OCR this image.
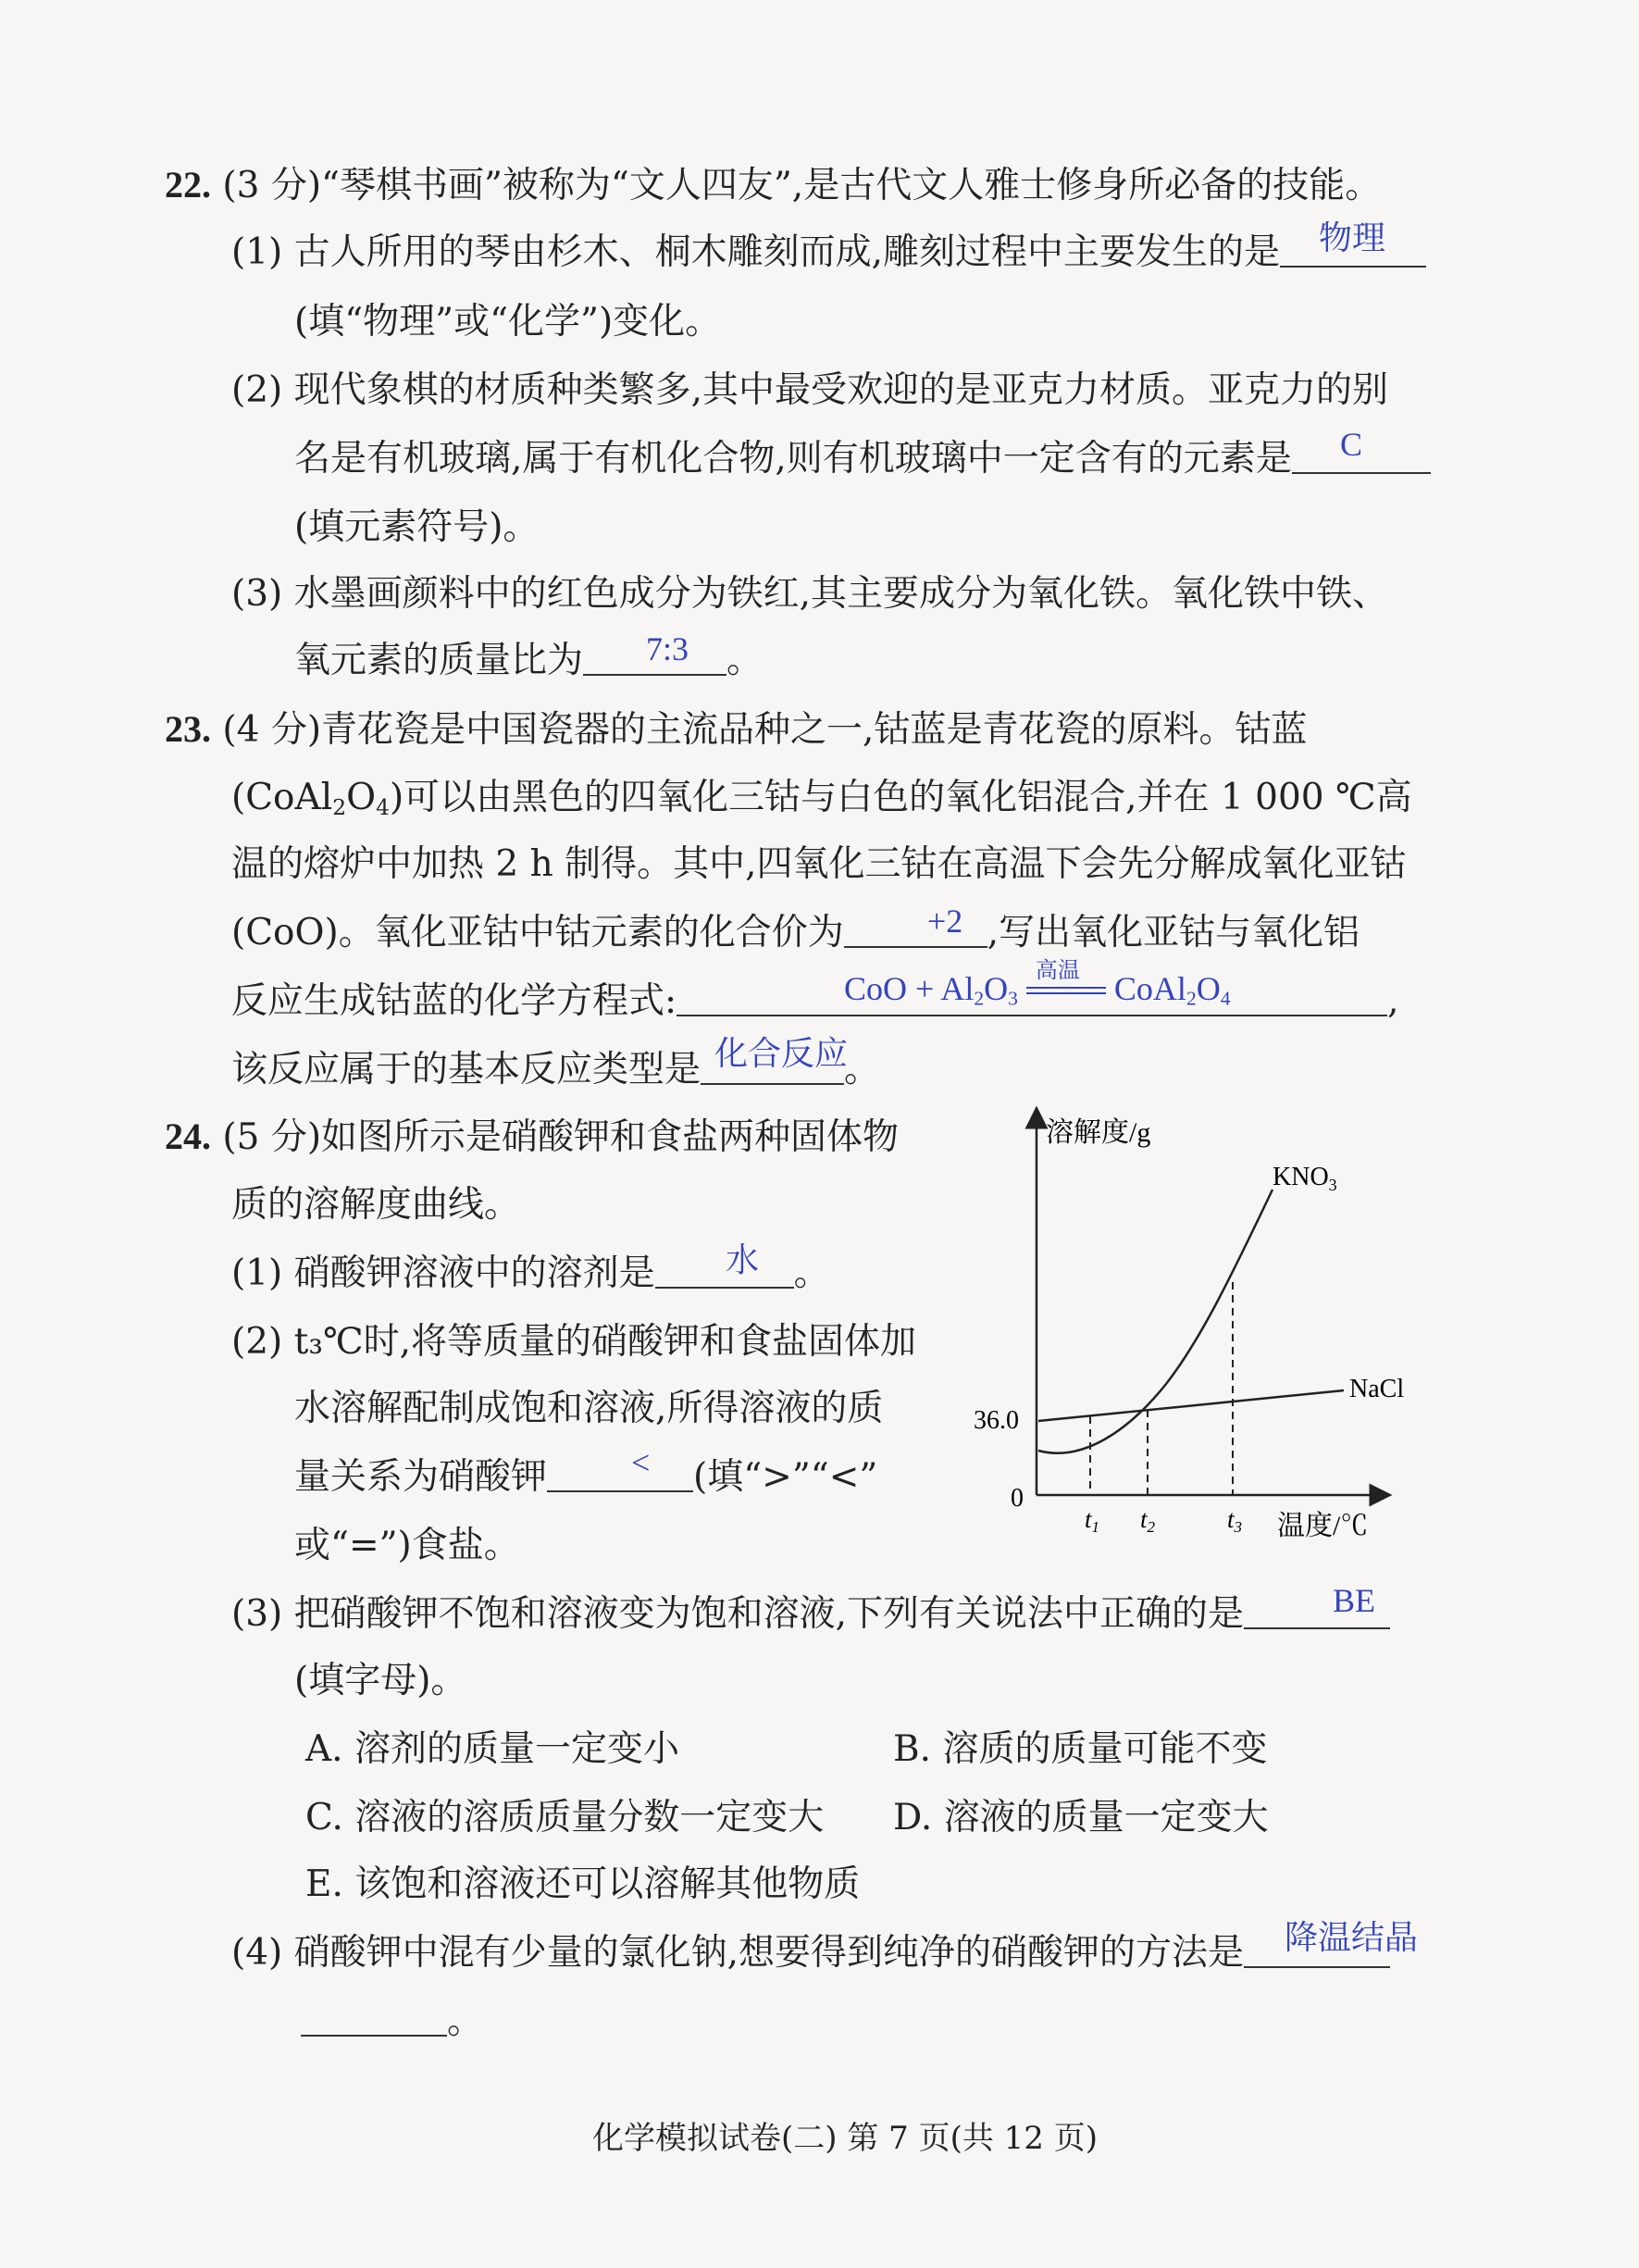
22. (3 分)“琴棋书画”被称为“文人四友”,是古代文人雅士修身所必备的技能。
(1) 古人所用的琴由杉木、桐木雕刻而成,雕刻过程中主要发生的是	物理
(填“物理”或“化学”)变化。
(2) 现代象棋的材质种类繁多,其中最受欢迎的是亚克力材质。亚克力的别
名是有机玻璃,属于有机化合物,则有机玻璃中一定含有的元素是	C
(填元素符号)。
(3) 水墨画颜料中的红色成分为铁红,其主要成分为氧化铁。氧化铁中铁、
氧元素的质量比为	。
7:3
23. (4 分)青花瓷是中国瓷器的主流品种之一,钴蓝是青花瓷的原料。钴蓝
$(CoAl_2O_4)$可以由黑色的四氧化三钴与白色的氧化铝混合,并在 1 000 ℃高
温的熔炉中加热 2 h 制得。其中,四氧化三钴在高温下会先分解成氧化亚钴
(CoO)。氧化亚钴中钴元素的化合价为	,写出氧化亚钴与氧化铝
+2
反应生成钴蓝的化学方程式:	,
CoO + $Al_2O_3$
高温 $CoAl_2O_4$
该反应属于的基本反应类型是	。
化合反应
24. (5 分)如图所示是硝酸钾和食盐两种固体物
质的溶解度曲线。
(1) 硝酸钾溶液中的溶剂是	。
水
(2) t₃℃时,将等质量的硝酸钾和食盐固体加
水溶解配制成饱和溶液,所得溶液的质
量关系为硝酸钾	(填“>”“<”
<
或“=”)食盐。
溶解度/g
温度/℃
0
36.0
$KNO_3$
NaCl
t1 t2	t3
(3) 把硝酸钾不饱和溶液变为饱和溶液,下列有关说法中正确的是	BE
(填字母)。
A. 溶剂的质量一定变小	B. 溶质的质量可能不变
C. 溶液的溶质质量分数一定变大 D. 溶液的质量一定变大
E. 该饱和溶液还可以溶解其他物质
(4) 硝酸钾中混有少量的氯化钠,想要得到纯净的硝酸钾的方法是	降温结晶
。
化学模拟试卷(二) 第 7 页(共 12 页)
